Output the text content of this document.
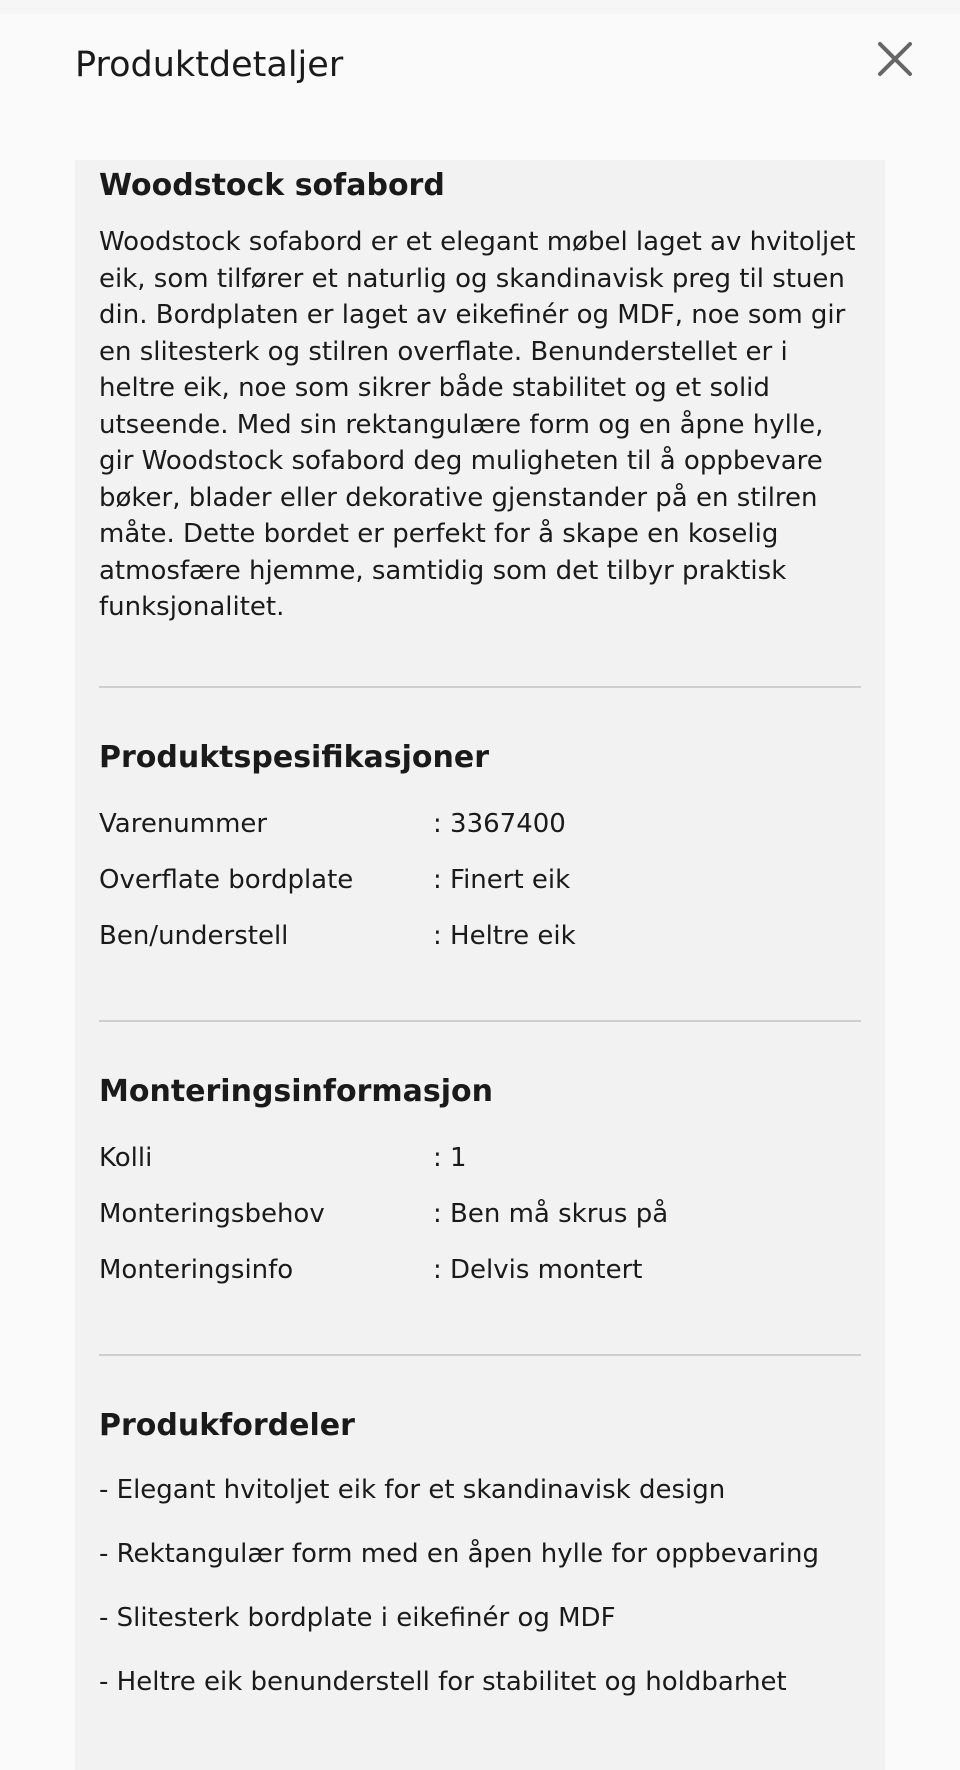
Produktdetaljer
Woodstock sofabord

Woodstock sofabord er et elegant møbel laget av hvitoljet eik, som tilfører et naturlig og skandinavisk preg til stuen din. Bordplaten er laget av eikefinér og MDF, noe som gir en slitesterk og stilren overflate. Benunderstellet er i heltre eik, noe som sikrer både stabilitet og et solid utseende. Med sin rektangulære form og en åpne hylle, gir Woodstock sofabord deg muligheten til å oppbevare bøker, blader eller dekorative gjenstander på en stilren måte. Dette bordet er perfekt for å skape en koselig atmosfære hjemme, samtidig som det tilbyr praktisk funksjonalitet.

Produktspesifikasjoner
Varenummer	: 3367400
Overflate bordplate	: Finert eik
Ben/understell	: Heltre eik
Monteringsinformasjon
Kolli	: 1
Monteringsbehov	: Ben må skrus på
Monteringsinfo	: Delvis montert
Produkfordeler
- Elegant hvitoljet eik for et skandinavisk design
- Rektangulær form med en åpen hylle for oppbevaring
- Slitesterk bordplate i eikefinér og MDF
- Heltre eik benunderstell for stabilitet og holdbarhet
